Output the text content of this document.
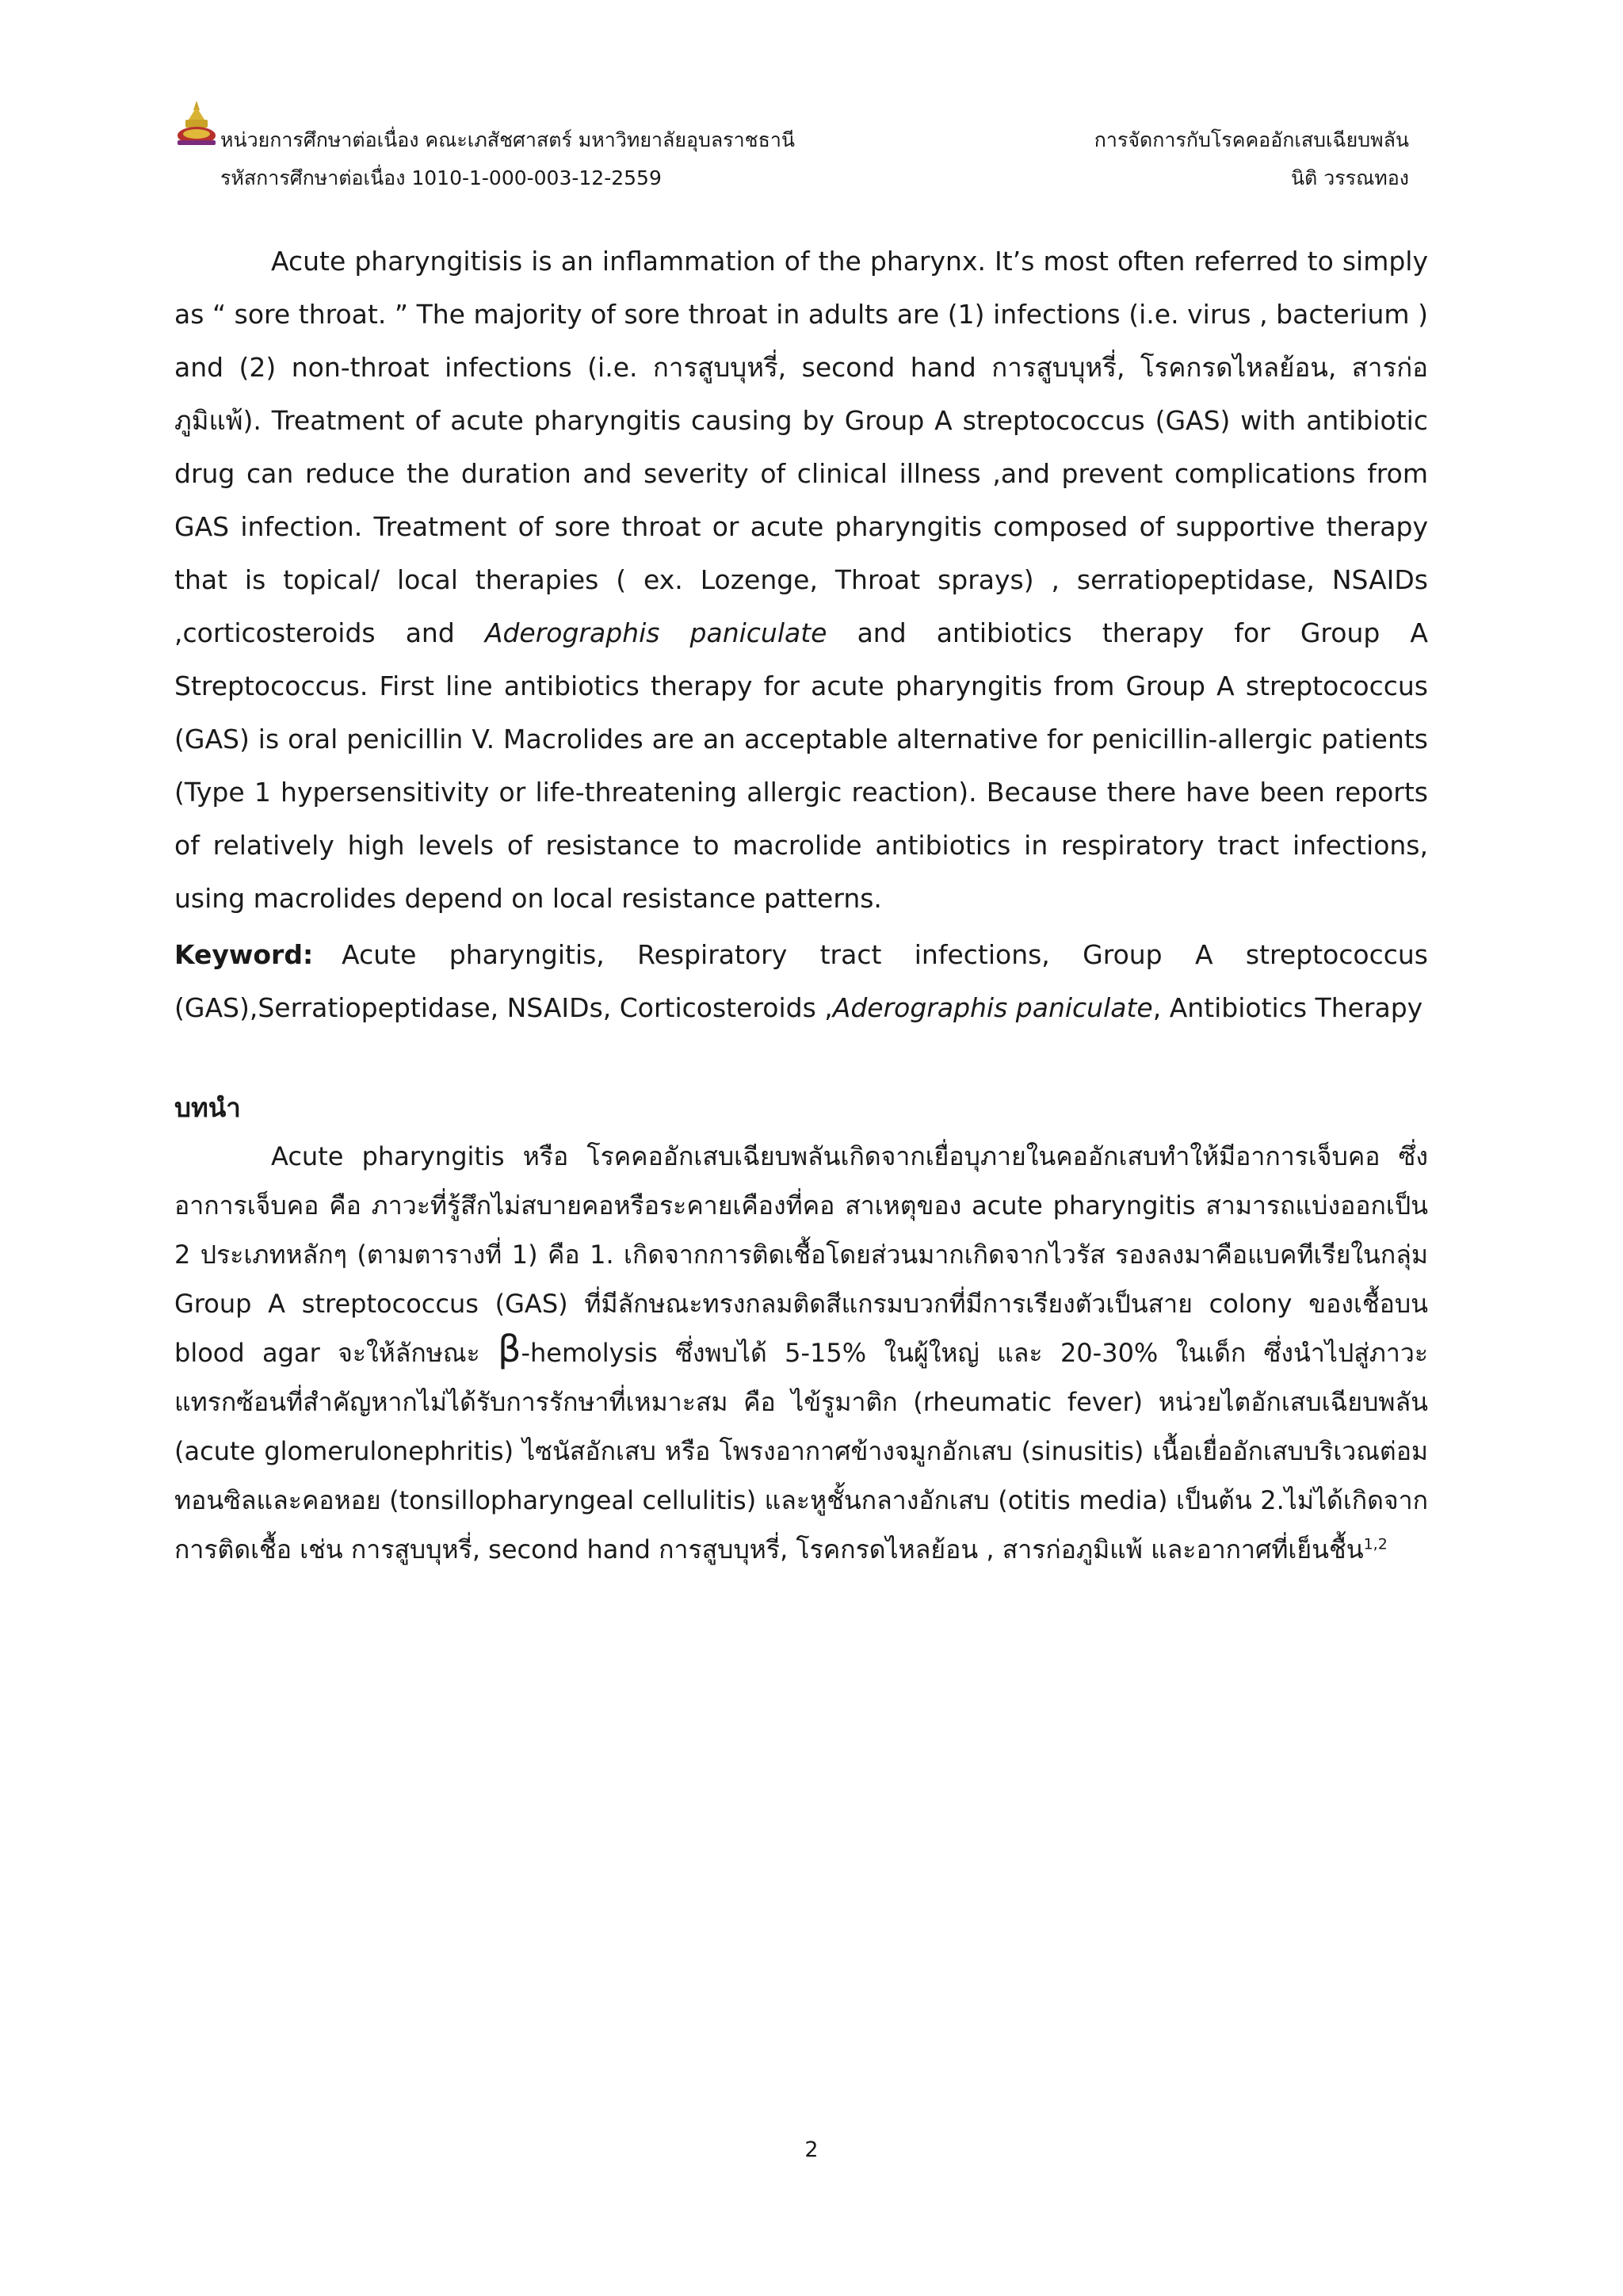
หน่วยการศึกษาต่อเนื่อง คณะเภสัชศาสตร์ มหาวิทยาลัยอุบลราชธานี
รหัสการศึกษาต่อเนื่อง 1010-1-000-003-12-2559
การจัดการกับโรคคออักเสบเฉียบพลัน
นิติ วรรณทอง

Acute pharyngitisis is an inflammation of the pharynx. It’s most often referred to simply as “ sore throat. ” The majority of sore throat in adults are (1) infections (i.e. virus , bacterium ) and (2) non-throat infections (i.e. การสูบบุหรี่, second hand การสูบบุหรี่, โรคกรดไหลย้อน, สารก่อภูมิแพ้). Treatment of acute pharyngitis causing by Group A streptococcus (GAS) with antibiotic drug can reduce the duration and severity of clinical illness ,and prevent complications from GAS infection. Treatment of sore throat or acute pharyngitis composed of supportive therapy that is topical/ local therapies ( ex. Lozenge, Throat sprays) , serratiopeptidase, NSAIDs ,corticosteroids and Aderographis paniculate and antibiotics therapy for Group A Streptococcus. First line antibiotics therapy for acute pharyngitis from Group A streptococcus (GAS) is oral penicillin V. Macrolides are an acceptable alternative for penicillin-allergic patients (Type 1 hypersensitivity or life-threatening allergic reaction). Because there have been reports of relatively high levels of resistance to macrolide antibiotics in respiratory tract infections, using macrolides depend on local resistance patterns.

Keyword: Acute pharyngitis, Respiratory tract infections, Group A streptococcus (GAS),Serratiopeptidase, NSAIDs, Corticosteroids ,Aderographis paniculate, Antibiotics Therapy

บทนำ

Acute pharyngitis หรือ โรคคออักเสบเฉียบพลันเกิดจากเยื่อบุภายในคออักเสบทำให้มีอาการเจ็บคอ ซึ่งอาการเจ็บคอ คือ ภาวะที่รู้สึกไม่สบายคอหรือระคายเคืองที่คอ สาเหตุของ acute pharyngitis สามารถแบ่งออกเป็น 2 ประเภทหลักๆ (ตามตารางที่ 1) คือ 1. เกิดจากการติดเชื้อโดยส่วนมากเกิดจากไวรัส รองลงมาคือแบคทีเรียในกลุ่ม Group A streptococcus (GAS) ที่มีลักษณะทรงกลมติดสีแกรมบวกที่มีการเรียงตัวเป็นสาย colony ของเชื้อบน blood agar จะให้ลักษณะ β-hemolysis ซึ่งพบได้ 5-15% ในผู้ใหญ่ และ 20-30% ในเด็ก ซึ่งนำไปสู่ภาวะแทรกซ้อนที่สำคัญหากไม่ได้รับการรักษาที่เหมาะสม คือ ไข้รูมาติก (rheumatic fever) หน่วยไตอักเสบเฉียบพลัน (acute glomerulonephritis) ไซนัสอักเสบ หรือ โพรงอากาศข้างจมูกอักเสบ (sinusitis) เนื้อเยื่ออักเสบบริเวณต่อมทอนซิลและคอหอย (tonsillopharyngeal cellulitis) และหูชั้นกลางอักเสบ (otitis media) เป็นต้น 2.ไม่ได้เกิดจากการติดเชื้อ เช่น การสูบบุหรี่, second hand การสูบบุหรี่, โรคกรดไหลย้อน , สารก่อภูมิแพ้ และอากาศที่เย็นชื้น$^{1,2}$

2
